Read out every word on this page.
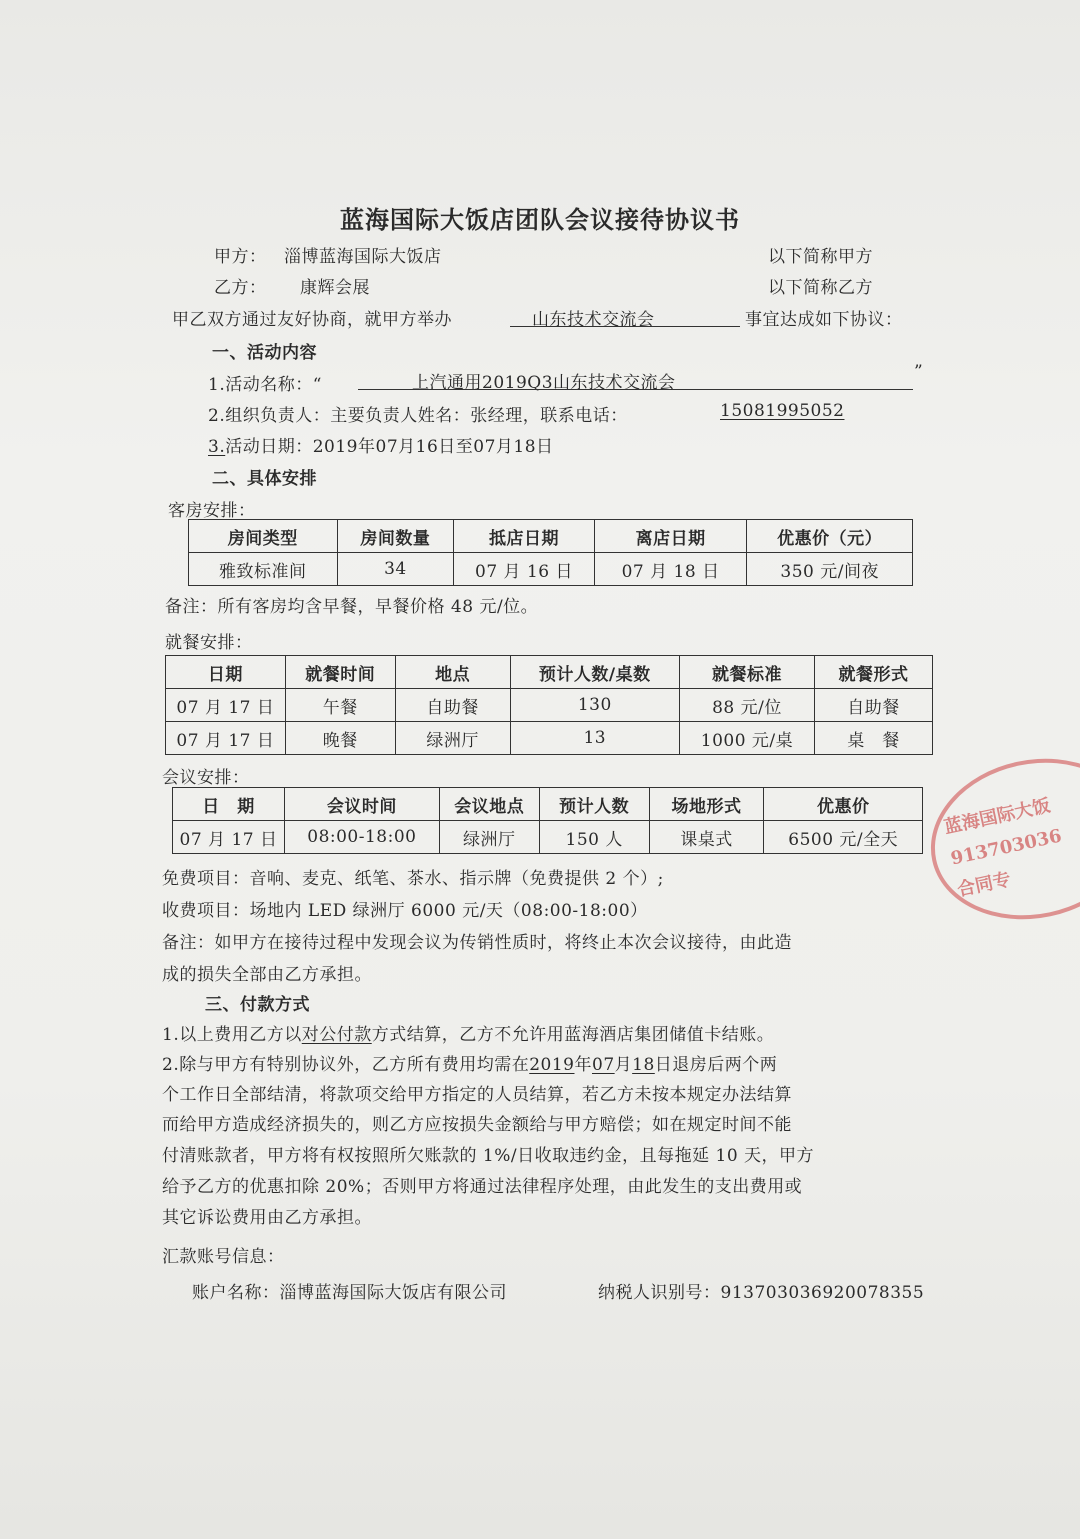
蓝海国际大饭店团队会议接待协议书
甲方： 淄博蓝海国际大饭店	以下简称甲方
乙方： 康辉会展	以下简称乙方
甲乙双方通过友好协商，就甲方举办	山东技术交流会	事宜达成如下协议：
一、活动内容
1.活动名称：“	上汽通用2019Q3山东技术交流会
”
2.组织负责人：主要负责人姓名：张经理，联系电话：	15081995052
3.活动日期：2019年07月16日至07月18日
二、具体安排
客房安排：
房间类型	房间数量	抵店日期	离店日期	优惠价（元）
雅致标准间	34	07 月 16 日	07 月 18 日	350 元/间夜
备注：所有客房均含早餐，早餐价格 48 元/位。
就餐安排：
日期	就餐时间	地点	预计人数/桌数	就餐标准	就餐形式
07 月 17 日	午餐	自助餐	130	88 元/位	自助餐
07 月 17 日	晚餐	绿洲厅	13	1000 元/桌	桌　餐
会议安排：
日　期	会议时间	会议地点	预计人数	场地形式	优惠价
07 月 17 日	08:00-18:00	绿洲厅	150 人	课桌式	6500 元/全天
免费项目：音响、麦克、纸笔、茶水、指示牌（免费提供 2 个）;
收费项目：场地内 LED 绿洲厅 6000 元/天（08:00-18:00）
备注：如甲方在接待过程中发现会议为传销性质时，将终止本次会议接待，由此造
成的损失全部由乙方承担。
三、付款方式
1.以上费用乙方以对公付款方式结算，乙方不允许用蓝海酒店集团储值卡结账。
2.除与甲方有特别协议外，乙方所有费用均需在2019年07月18日退房后两个两
个工作日全部结清，将款项交给甲方指定的人员结算，若乙方未按本规定办法结算
而给甲方造成经济损失的，则乙方应按损失金额给与甲方赔偿；如在规定时间不能
付清账款者，甲方将有权按照所欠账款的 1%/日收取违约金，且每拖延 10 天，甲方
给予乙方的优惠扣除 20%；否则甲方将通过法律程序处理，由此发生的支出费用或
其它诉讼费用由乙方承担。
汇款账号信息：
账户名称：淄博蓝海国际大饭店有限公司	纳税人识别号：913703036920078355
蓝海国际大饭
913703036
合同专
